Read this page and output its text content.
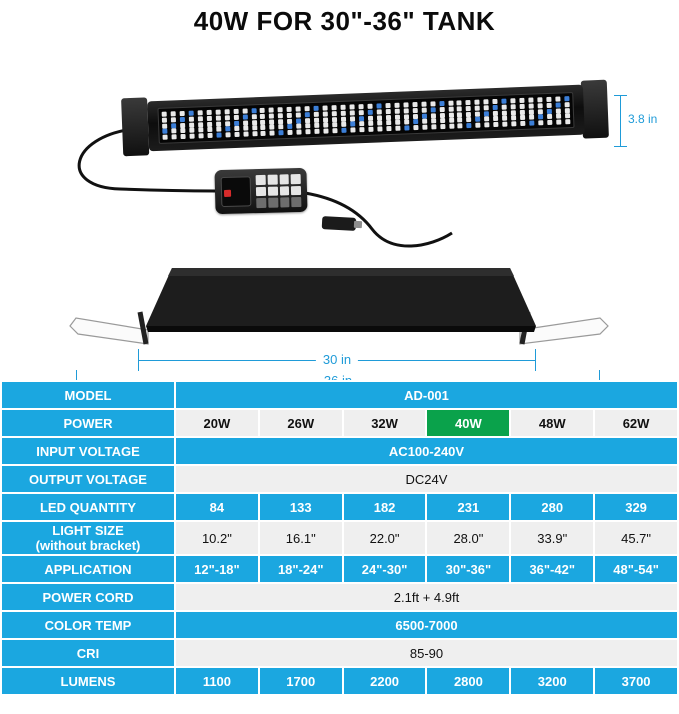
40W FOR 30"-36" TANK
3.8 in
30 in
MODEL	AD-001					
POWER	20W	26W	32W	40W	48W	62W
INPUT VOLTAGE	AC100-240V					
OUTPUT VOLTAGE	DC24V					
LED QUANTITY	84	133	182	231	280	329

LIGHT SIZE
(without bracket)	10.2"	16.1"	22.0"	28.0"	33.9"	45.7"
APPLICATION	12"-18"	18"-24"	24"-30"	30"-36"	36"-42"	48"-54"
POWER CORD	2.1ft + 4.9ft					
COLOR TEMP	6500-7000					
CRI	85-90					
LUMENS	1100	1700	2200	2800	3200	3700
